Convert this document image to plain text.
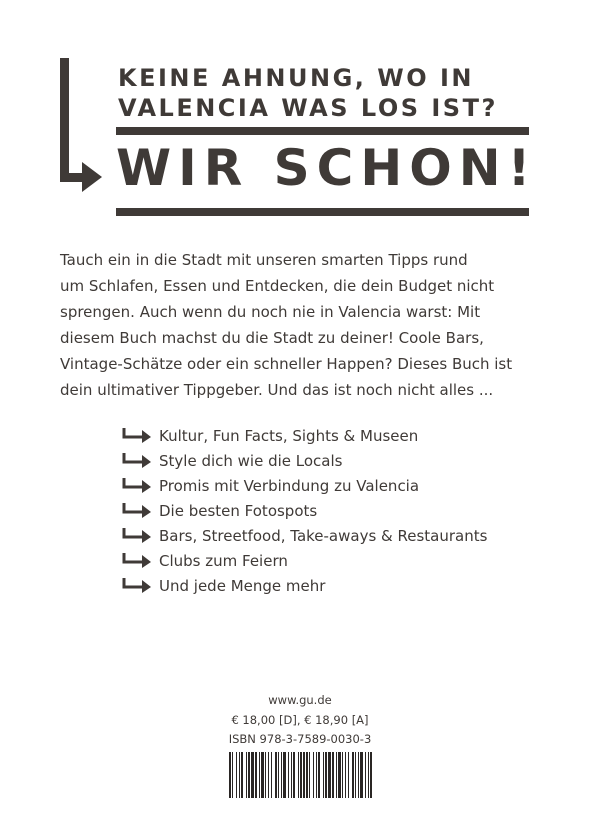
KEINE AHNUNG, WO IN
VALENCIA WAS LOS IST?
WIR SCHON!
Tauch ein in die Stadt mit unseren smarten Tipps rund
um Schlafen, Essen und Entdecken, die dein Budget nicht
sprengen. Auch wenn du noch nie in Valencia warst: Mit
diesem Buch machst du die Stadt zu deiner! Coole Bars,
Vintage-Schätze oder ein schneller Happen? Dieses Buch ist
dein ultimativer Tippgeber. Und das ist noch nicht alles ...
Kultur, Fun Facts, Sights & Museen
Style dich wie die Locals
Promis mit Verbindung zu Valencia
Die besten Fotospots
Bars, Streetfood, Take-aways & Restaurants
Clubs zum Feiern
Und jede Menge mehr
www.gu.de
€ 18,00 [D], € 18,90 [A]
ISBN 978-3-7589-0030-3
